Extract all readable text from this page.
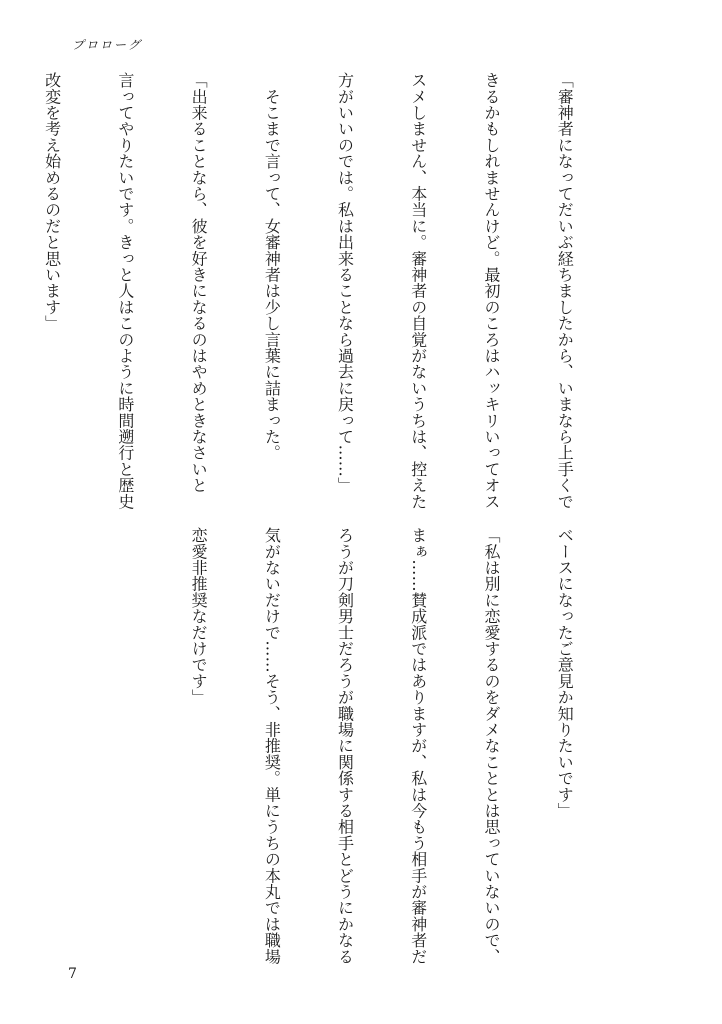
プロローグ

「審神者になってだいぶ経ちましたから、いまなら上手くで

きるかもしれませんけど。最初のころはハッキリいってオス

スメしません、本当に。審神者の自覚がないうちは、控えた

方がいいのでは。私は出来ることなら過去に戻って……」

　そこまで言って、女審神者は少し言葉に詰まった。

「出来ることなら、彼を好きになるのはやめときなさいと

言ってやりたいです。きっと人はこのように時間遡行と歴史

改変を考え始めるのだと思います」

ベースになったご意見か知りたいです」

「私は別に恋愛するのをダメなこととは思っていないので、

まぁ……賛成派ではありますが、私は今もう相手が審神者だ

ろうが刀剣男士だろうが職場に関係する相手とどうにかなる

気がないだけで……そう、非推奨。単にうちの本丸では職場

恋愛非推奨なだけです」

7
